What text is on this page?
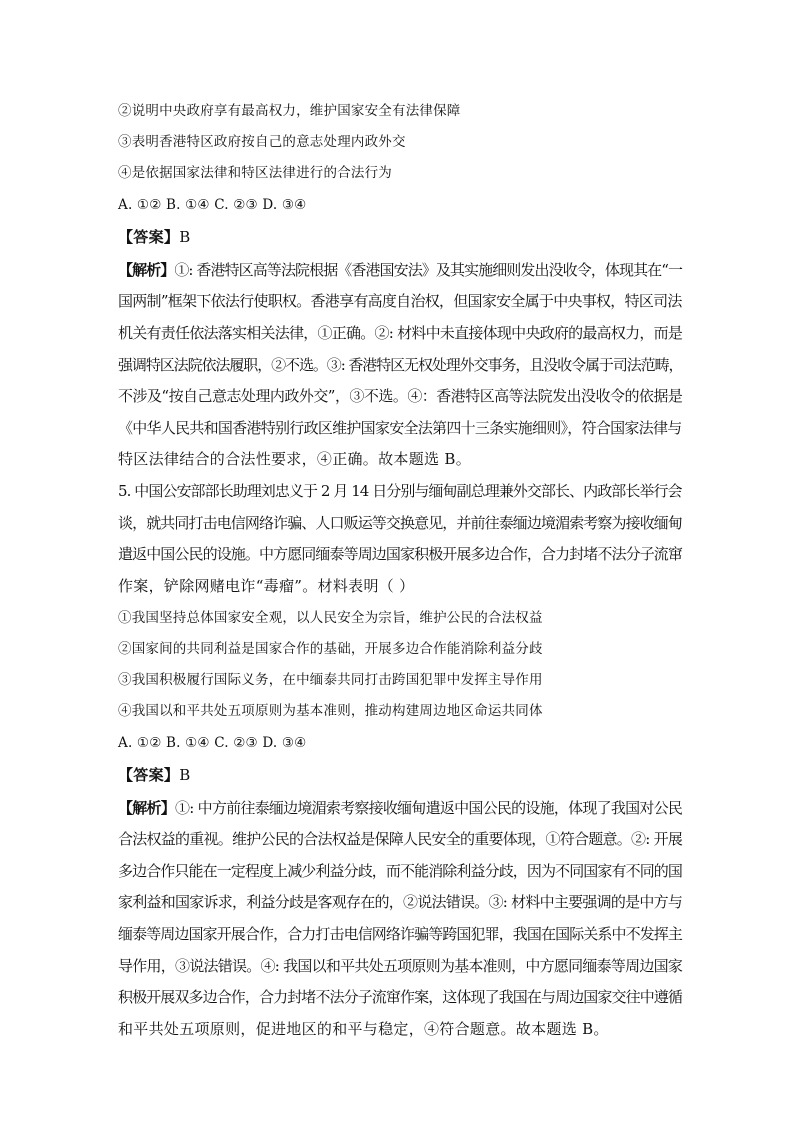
②说明中央政府享有最高权力，维护国家安全有法律保障
③表明香港特区政府按自己的意志处理内政外交
④是依据国家法律和特区法律进行的合法行为
A. ①② B. ①④ C. ②③ D. ③④
【答案】B
【解析】①: 香港特区高等法院根据《香港国安法》及其实施细则发出没收令，体现其在“一
国两制”框架下依法行使职权。香港享有高度自治权，但国家安全属于中央事权，特区司法
机关有责任依法落实相关法律，①正确。②: 材料中未直接体现中央政府的最高权力，而是
强调特区法院依法履职，②不选。③: 香港特区无权处理外交事务，且没收令属于司法范畴，
不涉及“按自己意志处理内政外交”，③不选。④：香港特区高等法院发出没收令的依据是
《中华人民共和国香港特别行政区维护国家安全法第四十三条实施细则》，符合国家法律与
特区法律结合的合法性要求，④正确。故本题选 B。
5. 中国公安部部长助理刘忠义于 2 月 14 日分别与缅甸副总理兼外交部长、内政部长举行会
谈，就共同打击电信网络诈骗、人口贩运等交换意见，并前往泰缅边境湄索考察为接收缅甸
遣返中国公民的设施。中方愿同缅泰等周边国家积极开展多边合作，合力封堵不法分子流窜
作案，铲除网赌电诈“毒瘤”。材料表明（ ）
①我国坚持总体国家安全观，以人民安全为宗旨，维护公民的合法权益
②国家间的共同利益是国家合作的基础，开展多边合作能消除利益分歧
③我国积极履行国际义务，在中缅泰共同打击跨国犯罪中发挥主导作用
④我国以和平共处五项原则为基本准则，推动构建周边地区命运共同体
A. ①② B. ①④ C. ②③ D. ③④
【答案】B
【解析】①: 中方前往泰缅边境湄索考察接收缅甸遣返中国公民的设施，体现了我国对公民
合法权益的重视。维护公民的合法权益是保障人民安全的重要体现，①符合题意。②: 开展
多边合作只能在一定程度上减少利益分歧，而不能消除利益分歧，因为不同国家有不同的国
家利益和国家诉求，利益分歧是客观存在的，②说法错误。③: 材料中主要强调的是中方与
缅泰等周边国家开展合作，合力打击电信网络诈骗等跨国犯罪，我国在国际关系中不发挥主
导作用，③说法错误。④: 我国以和平共处五项原则为基本准则，中方愿同缅泰等周边国家
积极开展双多边合作，合力封堵不法分子流窜作案，这体现了我国在与周边国家交往中遵循
和平共处五项原则，促进地区的和平与稳定，④符合题意。故本题选 B。
